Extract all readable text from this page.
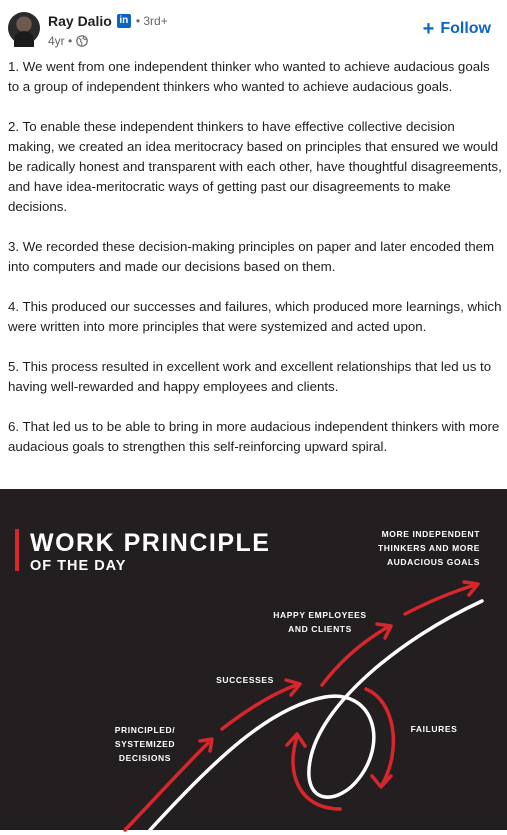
Ray Dalio in • 3rd+
4yr •
+ Follow

1. We went from one independent thinker who wanted to achieve audacious goals to a group of independent thinkers who wanted to achieve audacious goals.

2. To enable these independent thinkers to have effective collective decision making, we created an idea meritocracy based on principles that ensured we would be radically honest and transparent with each other, have thoughtful disagreements, and have idea-meritocratic ways of getting past our disagreements to make decisions.

3. We recorded these decision-making principles on paper and later encoded them into computers and made our decisions based on them.

4. This produced our successes and failures, which produced more learnings, which were written into more principles that were systemized and acted upon.

5. This process resulted in excellent work and excellent relationships that led us to having well-rewarded and happy employees and clients.

6. That led us to be able to bring in more audacious independent thinkers with more audacious goals to strengthen this self-reinforcing upward spiral.

WORK PRINCIPLE
OF THE DAY
MORE INDEPENDENT
THINKERS AND MORE
AUDACIOUS GOALS
HAPPY EMPLOYEES
AND CLIENTS
SUCCESSES
FAILURES
PRINCIPLED/
SYSTEMIZED
DECISIONS
LEARNINGS
